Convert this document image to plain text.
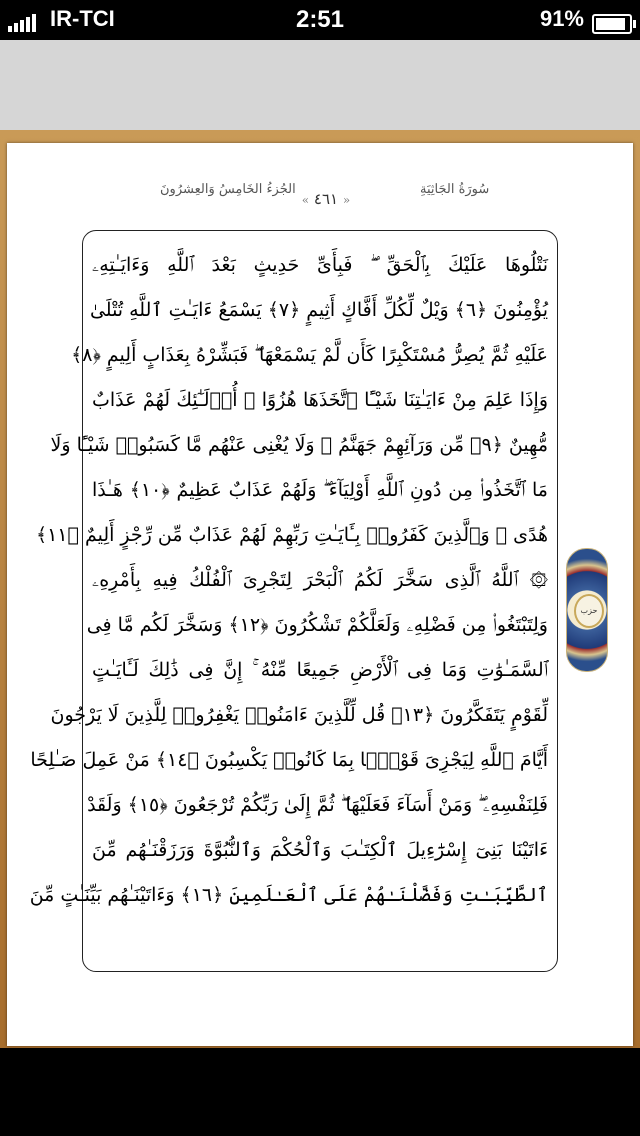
IR-TCI	2:51	91%
الجُزءُ الخَامِسُ وَالعِشرُونَ	سُورَةُ الجَاثِيَةِ
« ٤٦١ »
نَتْلُوهَا عَلَيْكَ بِٱلْحَقِّ ۖ فَبِأَىِّ حَدِيثٍ بَعْدَ ٱللَّهِ وَءَايَـٰتِهِۦ
يُؤْمِنُونَ ﴿٦﴾ وَيْلٌ لِّكُلِّ أَفَّاكٍ أَثِيمٍ ﴿٧﴾ يَسْمَعُ ءَايَـٰتِ ٱللَّهِ تُتْلَىٰ
عَلَيْهِ ثُمَّ يُصِرُّ مُسْتَكْبِرًا كَأَن لَّمْ يَسْمَعْهَا ۖ فَبَشِّرْهُ بِعَذَابٍ أَلِيمٍ ﴿٨﴾
وَإِذَا عَلِمَ مِنْ ءَايَـٰتِنَا شَيْـًٔا ٱتَّخَذَهَا هُزُوًا ۚ أُو۟لَـٰٓئِكَ لَهُمْ عَذَابٌ
مُّهِينٌ ﴿٩﴾ مِّن وَرَآئِهِمْ جَهَنَّمُ ۖ وَلَا يُغْنِى عَنْهُم مَّا كَسَبُوا۟ شَيْـًٔا وَلَا
مَا ٱتَّخَذُوا۟ مِن دُونِ ٱللَّهِ أَوْلِيَآءَ ۖ وَلَهُمْ عَذَابٌ عَظِيمٌ ﴿١٠﴾ هَـٰذَا
هُدًى ۖ وَٱلَّذِينَ كَفَرُوا۟ بِـَٔايَـٰتِ رَبِّهِمْ لَهُمْ عَذَابٌ مِّن رِّجْزٍ أَلِيمٌ ﴿١١﴾
۞ ٱللَّهُ ٱلَّذِى سَخَّرَ لَكُمُ ٱلْبَحْرَ لِتَجْرِىَ ٱلْفُلْكُ فِيهِ بِأَمْرِهِۦ
وَلِتَبْتَغُوا۟ مِن فَضْلِهِۦ وَلَعَلَّكُمْ تَشْكُرُونَ ﴿١٢﴾ وَسَخَّرَ لَكُم مَّا فِى
ٱلسَّمَـٰوَٰتِ وَمَا فِى ٱلْأَرْضِ جَمِيعًا مِّنْهُ ۚ إِنَّ فِى ذَٰلِكَ لَـَٔايَـٰتٍ
لِّقَوْمٍ يَتَفَكَّرُونَ ﴿١٣﴾ قُل لِّلَّذِينَ ءَامَنُوا۟ يَغْفِرُوا۟ لِلَّذِينَ لَا يَرْجُونَ
أَيَّامَ ٱللَّهِ لِيَجْزِىَ قَوْمًۢا بِمَا كَانُوا۟ يَكْسِبُونَ ﴿١٤﴾ مَنْ عَمِلَ صَـٰلِحًا
فَلِنَفْسِهِۦ ۖ وَمَنْ أَسَآءَ فَعَلَيْهَا ۖ ثُمَّ إِلَىٰ رَبِّكُمْ تُرْجَعُونَ ﴿١٥﴾ وَلَقَدْ
ءَاتَيْنَا بَنِىٓ إِسْرَٰٓءِيلَ ٱلْكِتَـٰبَ وَٱلْحُكْمَ وَٱلنُّبُوَّةَ وَرَزَقْنَـٰهُم مِّنَ
ٱلطَّيِّبَـٰتِ وَفَضَّلْنَـٰهُمْ عَلَى ٱلْعَـٰلَمِينَ ﴿١٦﴾ وَءَاتَيْنَـٰهُم بَيِّنَـٰتٍ مِّنَ
حزب
